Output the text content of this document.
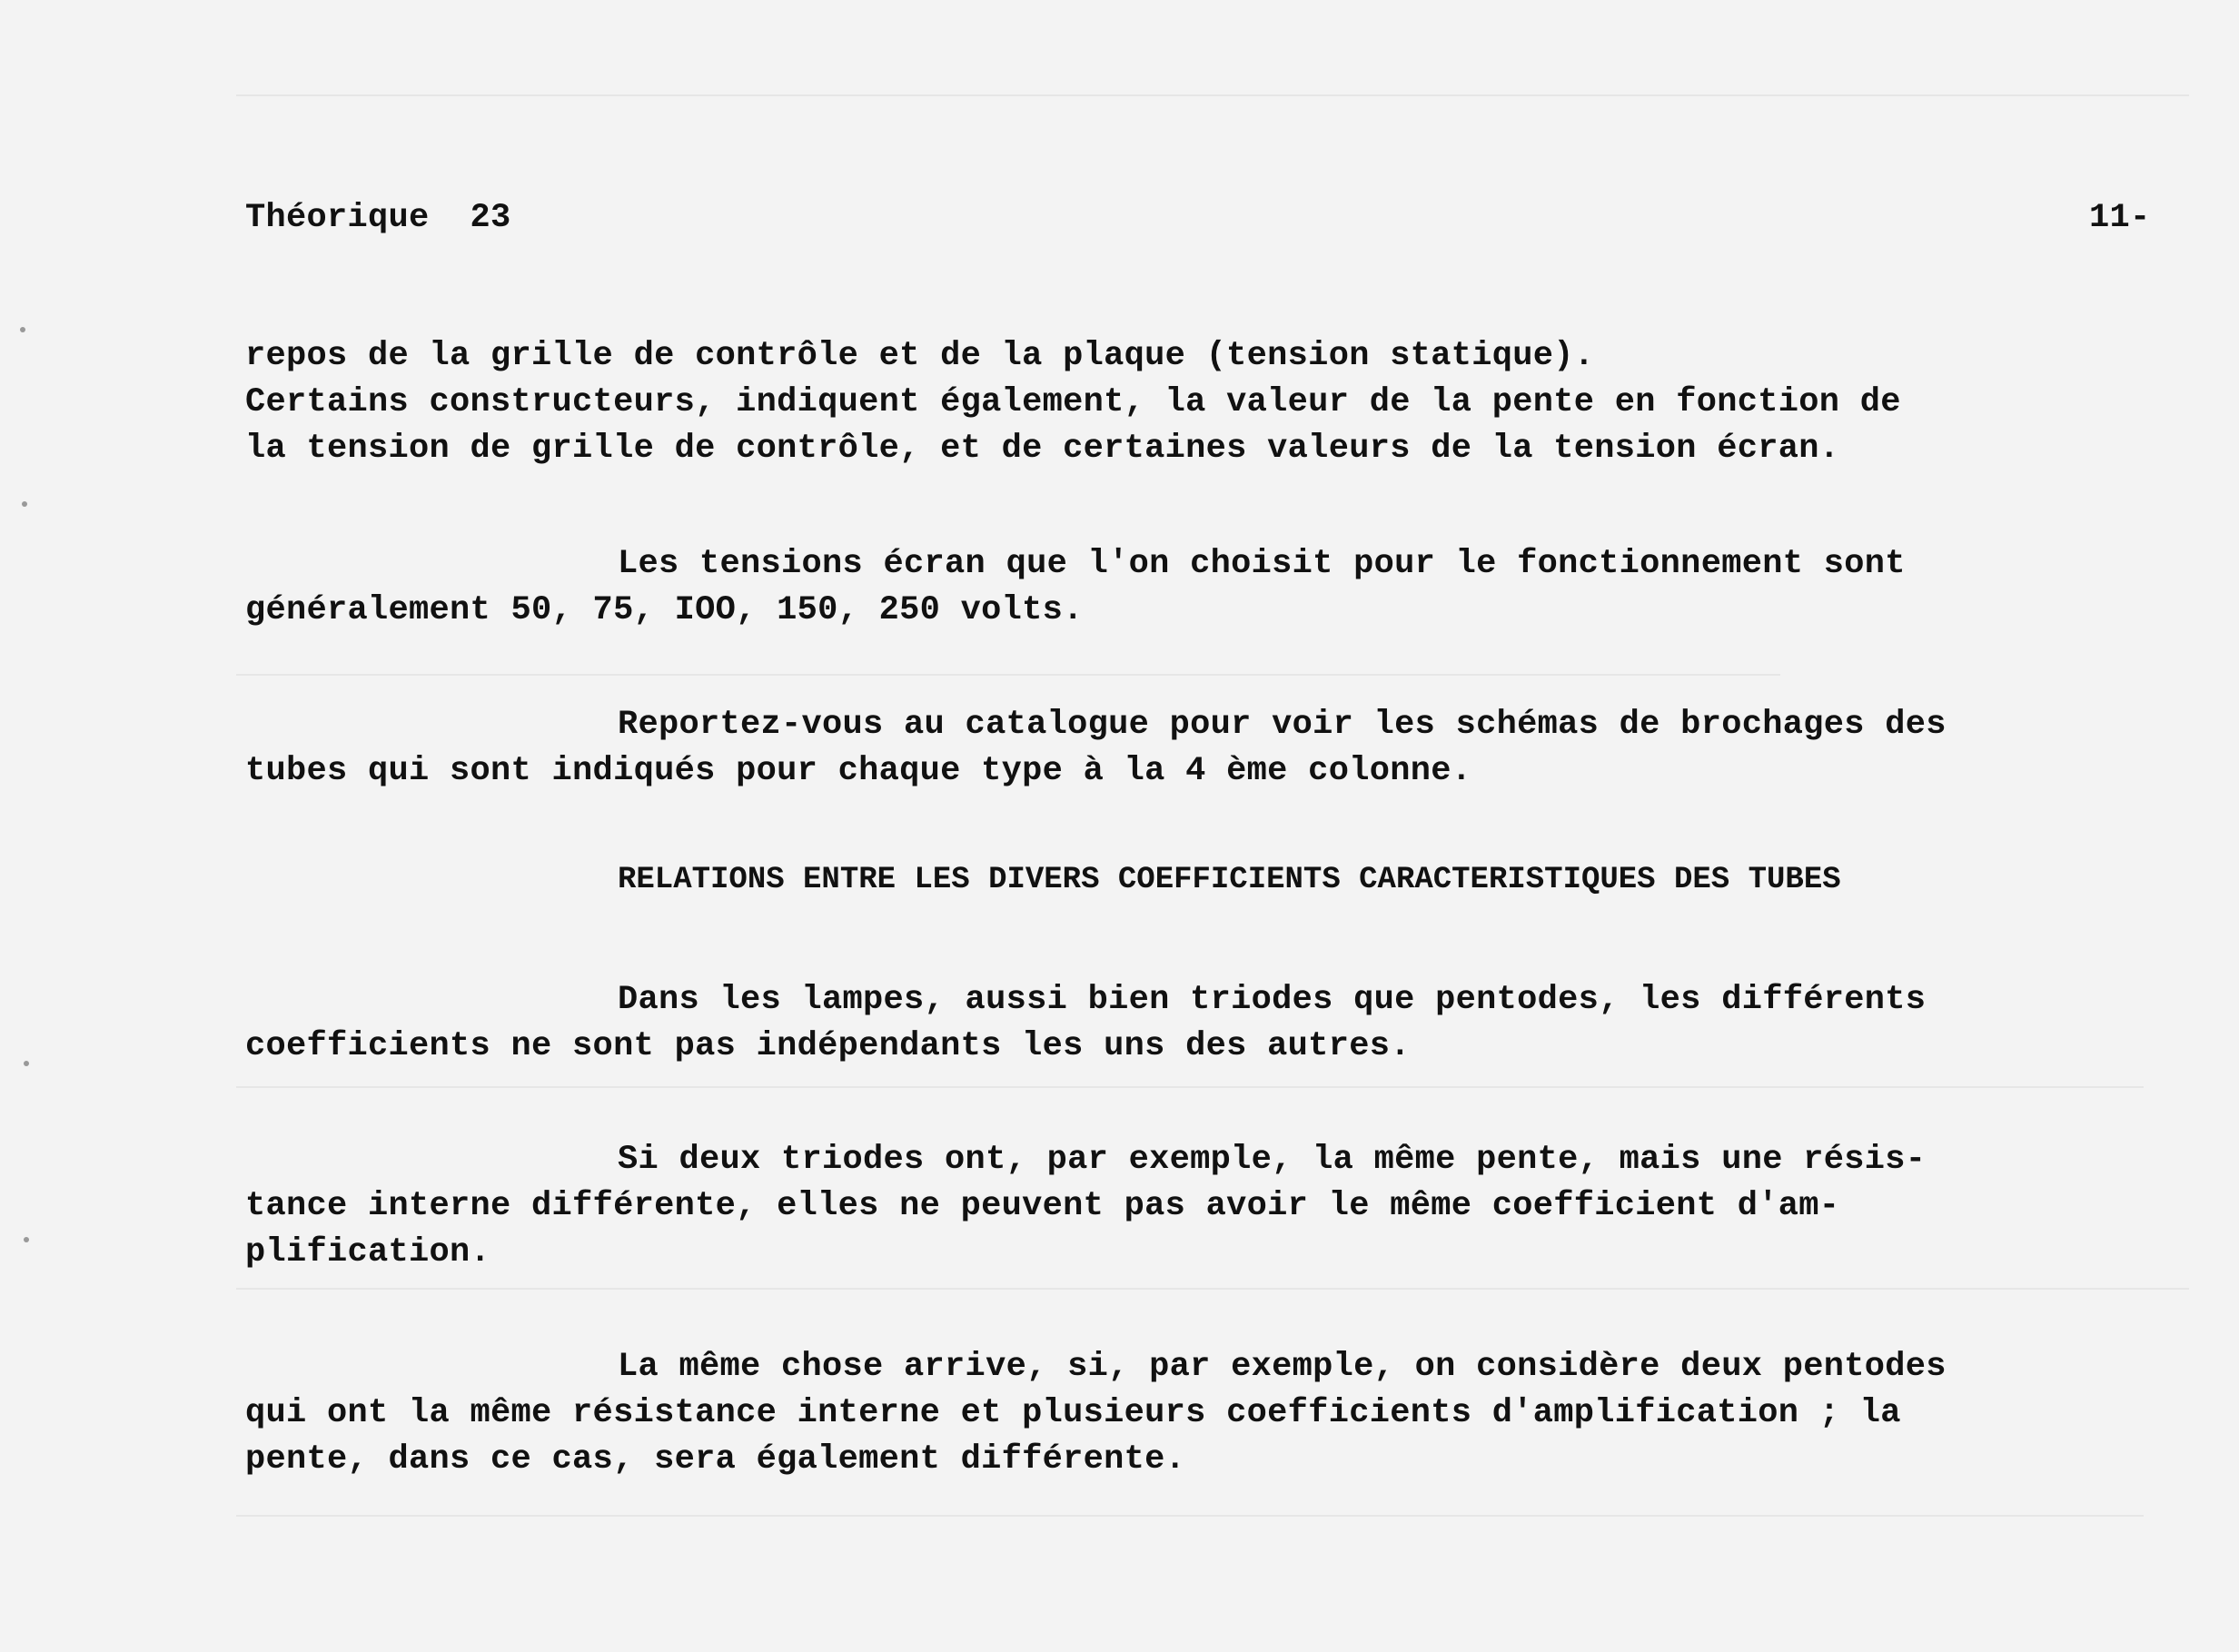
Théorique  23	11-
repos de la grille de contrôle et de la plaque (tension statique).
Certains constructeurs, indiquent également, la valeur de la pente en fonction de
la tension de grille de contrôle, et de certaines valeurs de la tension écran.
Les tensions écran que l'on choisit pour le fonctionnement sont
généralement 50, 75, IOO, 150, 250 volts.
Reportez-vous au catalogue pour voir les schémas de brochages des
tubes qui sont indiqués pour chaque type à la 4 ème colonne.
RELATIONS ENTRE LES DIVERS COEFFICIENTS CARACTERISTIQUES DES TUBES
Dans les lampes, aussi bien triodes que pentodes, les différents
coefficients ne sont pas indépendants les uns des autres.
Si deux triodes ont, par exemple, la même pente, mais une résis-
tance interne différente, elles ne peuvent pas avoir le même coefficient d'am-
plification.
La même chose arrive, si, par exemple, on considère deux pentodes
qui ont la même résistance interne et plusieurs coefficients d'amplification ; la
pente, dans ce cas, sera également différente.
